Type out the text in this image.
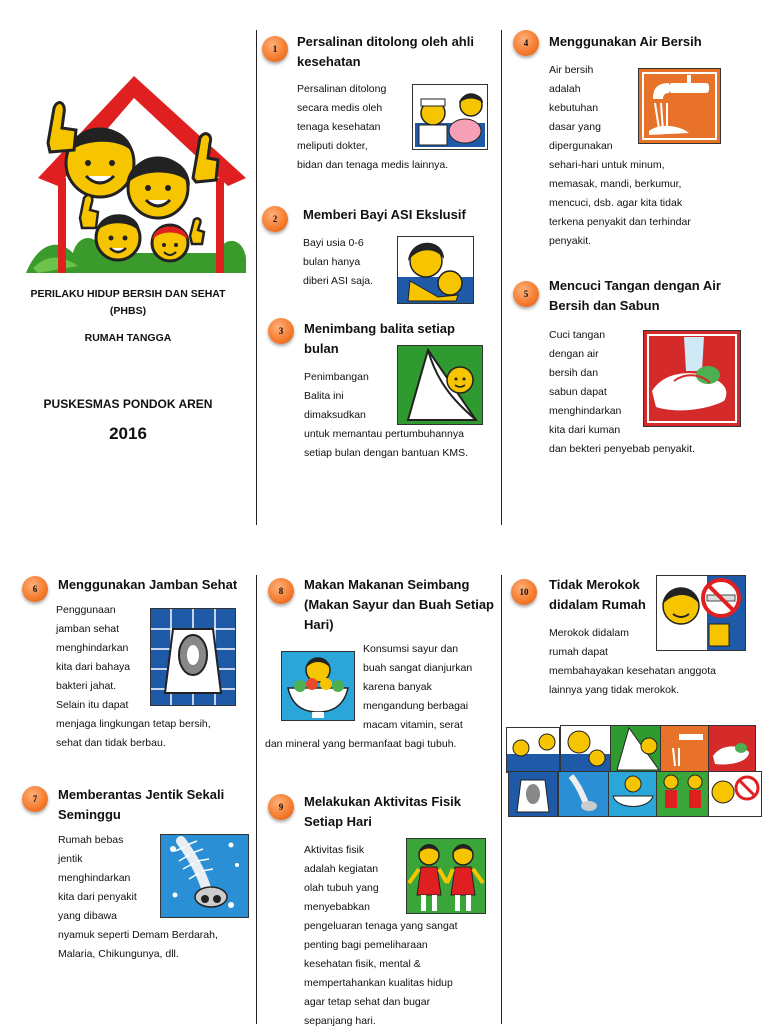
PERILAKU HIDUP BERSIH DAN SEHAT
(PHBS)
RUMAH TANGGA
PUSKESMAS PONDOK AREN
2016
1	Persalinan ditolong oleh ahli kesehatan
Persalinan ditolong
secara medis oleh
tenaga kesehatan
meliputi dokter,
bidan dan tenaga medis lainnya.
2	Memberi Bayi ASI Ekslusif
Bayi usia 0-6
bulan hanya
diberi ASI saja.
3	Menimbang balita setiap bulan
Penimbangan
Balita ini
dimaksudkan
untuk memantau pertumbuhannya
setiap bulan dengan bantuan KMS.
4	Menggunakan Air Bersih
Air bersih
adalah
kebutuhan
dasar yang
dipergunakan
sehari-hari untuk minum,
memasak, mandi, berkumur,
mencuci, dsb. agar kita tidak
terkena penyakit dan terhindar
penyakit.
5
Mencuci Tangan dengan Air Bersih dan Sabun
Cuci tangan
dengan air
bersih dan
sabun dapat
menghindarkan
kita dari kuman
dan bekteri penyebab penyakit.
6	Menggunakan Jamban Sehat
Penggunaan
jamban sehat
menghindarkan
kita dari bahaya
bakteri jahat.
Selain itu dapat
menjaga lingkungan tetap bersih,
sehat dan tidak berbau.
7	Memberantas Jentik Sekali Seminggu
Rumah bebas
jentik
menghindarkan
kita dari penyakit
yang dibawa
nyamuk seperti Demam Berdarah,
Malaria, Chikungunya, dll.
8	Makan Makanan Seimbang (Makan Sayur dan Buah Setiap Hari)
Konsumsi sayur dan
buah sangat dianjurkan
karena banyak
mengandung berbagai
macam vitamin, serat
dan mineral yang bermanfaat bagi tubuh.
9	Melakukan Aktivitas Fisik Setiap Hari
Aktivitas fisik
adalah kegiatan
olah tubuh yang
menyebabkan
pengeluaran tenaga yang sangat
penting bagi pemeliharaan
kesehatan fisik, mental &
mempertahankan kualitas hidup
agar tetap sehat dan bugar
sepanjang hari.
10	Tidak Merokok didalam Rumah
Merokok didalam
rumah dapat
membahayakan kesehatan anggota
lainnya yang tidak merokok.
